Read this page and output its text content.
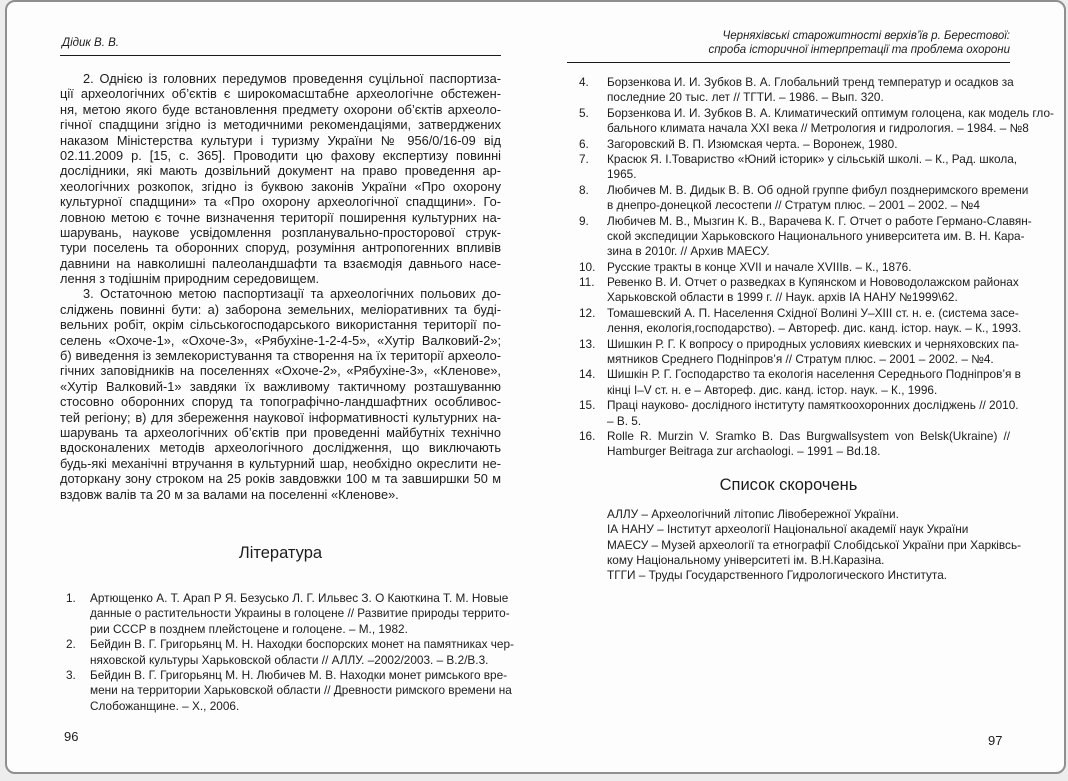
Дідик В. В.
2. Однією із головних передумов проведення суцільної паспортиза-
ції археологічних об’єктів є широкомасштабне археологічне обстежен-
ня, метою якого буде встановлення предмету охорони об’єктів археоло-
гічної спадщини згідно із методичними рекомендаціями, затверджених
наказом Міністерства культури і туризму України № 956/0/16-09 від
02.11.2009 р. [15, с. 365]. Проводити цю фахову експертизу повинні
дослідники, які мають дозвільний документ на право проведення ар-
хеологічних розкопок, згідно із буквою законів України «Про охорону
культурної спадщини» та «Про охорону археологічної спадщини». Го-
ловною метою є точне визначення території поширення культурних на-
шарувань, наукове усвідомлення розпланувально-просторової струк-
тури поселень та оборонних споруд, розуміння антропогенних впливів
давнини на навколишні палеоландшафти та взаємодія давнього насе-
лення з тодішнім природним середовищем.
3. Остаточною метою паспортизації та археологічних польових до-
сліджень повинні бути: а) заборона земельних, меліоративних та буді-
вельних робіт, окрім сільськогосподарського використання території по-
селень «Охоче-1», «Охоче-3», «Рябухіне-1-2-4-5», «Хутір Валковий-2»;
б) виведення із землекористування та створення на їх території археоло-
гічних заповідників на поселеннях «Охоче-2», «Рябухіне-3», «Кленове»,
«Хутір Валковий-1» завдяки їх важливому тактичному розташуванню
стосовно оборонних споруд та топографічно-ландшафтних особливос-
тей регіону; в) для збереження наукової інформативності культурних на-
шарувань та археологічних об’єктів при проведенні майбутніх технічно
вдосконалених методів археологічного дослідження, що виключають
будь-які механічні втручання в культурний шар, необхідно окреслити не-
доторкану зону строком на 25 років завдовжки 100 м та завширшки 50 м
вздовж валів та 20 м за валами на поселенні «Кленове».
Література
1.	Артющенко А. Т. Арап Р Я. Безусько Л. Г. Ильвес З. О Каюткина Т. М. Новые
данные о растительности Украины в голоцене // Развитие природы террито-
рии СССР в позднем плейстоцене и голоцене. – М., 1982.
2.	Бейдин В. Г. Григорьянц М. Н. Находки боспорских монет на памятниках чер-
няховской культуры Харьковской области // АЛЛУ. –2002/2003. – В.2/В.3.
3.	Бейдин В. Г. Григорьянц М. Н. Любичев М. В. Находки монет римського вре-
мени на территории Харьковской области // Древности римского времени на
Слобожанщине. – Х., 2006.
Черняхівські старожитності верхів’їв р. Берестової:
спроба історичної інтерпретації та проблема охорони
4.	Борзенкова И. И. Зубков В. А. Глобальний тренд температур и осадков за
последние 20 тыс. лет // ТГТИ. – 1986. – Вып. 320.
5.	Борзенкова И. И. Зубков В. А. Климатический оптимум голоцена, как модель гло-
бального климата начала XXI века // Метрология и гидрология. – 1984. – №8
6.	Загоровский В. П. Изюмская черта. – Воронеж, 1980.
7.	Красюк Я. І.Товариство «Юний історик» у сільській школі. – К., Рад. школа,
1965.
8.	Любичев М. В. Дидык В. В. Об одной группе фибул позднеримского времени
в днепро-донецкой лесостепи // Стратум плюс. – 2001 – 2002. – №4
9.	Любичев М. В., Мызгин К. В., Варачева К. Г. Отчет о работе Германо-Славян-
ской экспедиции Харьковского Национального университета им. В. Н. Кара-
зина в 2010г. // Архив МАЕСУ.
10. Русские тракты в конце XVII и начале XVIIIв. – К., 1876.
11.	Ревенко В. И. Отчет о разведках в Купянском и Нововодолажском районах
Харьковской области в 1999 г. // Наук. архів ІА НАНУ №1999\62.
12. Томашевский А. П. Населення Східної Волині У–XIII ст. н. е. (система засе-
лення, екологія,господарство). – Автореф. дис. канд. істор. наук. – К., 1993.
13. Шишкин Р. Г. К вопросу о природных условиях киевских и черняховских па-
мятников Среднего Подніпров’я // Стратум плюс. – 2001 – 2002. – №4.
14. Шишкін Р. Г. Господарство та екологія населення Середнього Подніпров’я в
кінці I–V ст. н. е – Автореф. дис. канд. істор. наук. – К., 1996.
15. Праці науково- дослідного інституту памяткоохоронних досліджень // 2010.
– В. 5.
16. Rolle R. Murzin V. Sramko B. Das Burgwallsystem von Belsk(Ukraine) //
Hamburger Beitraga zur archaologi. – 1991 – Bd.18.
Список скорочень
АЛЛУ – Археологічний літопис Лівобережної України.
ІА НАНУ – Інститут археології Національної академії наук України
МАЕСУ – Музей археології та етнографії Слобідської України при Харківсь-
кому Національному університеті ім. В.Н.Каразіна.
ТГГИ – Труды Государственного Гидрологического Института.
96	97
